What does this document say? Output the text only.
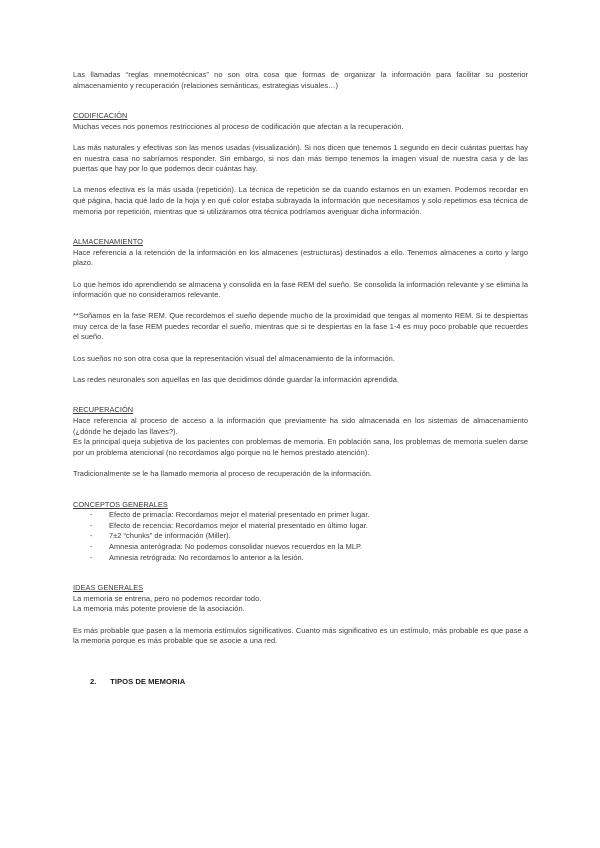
Las llamadas “reglas mnemotécnicas” no son otra cosa que formas de organizar la información para facilitar su posterior almacenamiento y recuperación (relaciones semánticas, estrategias visuales…)

CODIFICACIÓN

Muchas veces nos ponemos restricciones al proceso de codificación que afectan a la recuperación.

Las más naturales y efectivas son las menos usadas (visualización). Si nos dicen que tenemos 1 segundo en decir cuántas puertas hay en nuestra casa no sabríamos responder. Sin embargo, si nos dan más tiempo tenemos la imagen visual de nuestra casa y de las puertas que hay por lo que podemos decir cuántas hay.

La menos efectiva es la más usada (repetición). La técnica de repetición se da cuando estamos en un examen. Podemos recordar en qué página, hacia qué lado de la hoja y en qué color estaba subrayada la información que necesitamos y solo repetimos esa técnica de memoria por repetición, mientras que si utilizáramos otra técnica podríamos averiguar dicha información.

ALMACENAMIENTO

Hace referencia a la retención de la información en los almacenes (estructuras) destinados a ello. Tenemos almacenes a corto y largo plazo.

Lo que hemos ido aprendiendo se almacena y consolida en la fase REM del sueño. Se consolida la información relevante y se elimina la información que no consideramos relevante.

**Soñamos en la fase REM. Que recordemos el sueño depende mucho de la proximidad que tengas al momento REM. Si te despiertas muy cerca de la fase REM puedes recordar el sueño, mientras que si te despiertas en la fase 1-4 es muy poco probable que recuerdes el sueño.

Los sueños no son otra cosa que la representación visual del almacenamiento de la información.

Las redes neuronales son aquellas en las que decidimos dónde guardar la información aprendida.

RECUPERACIÓN

Hace referencia al proceso de acceso a la información que previamente ha sido almacenada en los sistemas de almacenamiento (¿dónde he dejado las llaves?).

Es la principal queja subjetiva de los pacientes con problemas de memoria. En población sana, los problemas de memoria suelen darse por un problema atencional (no recordamos algo porque no le hemos prestado atención).

Tradicionalmente se le ha llamado memoria al proceso de recuperación de la información.

CONCEPTOS GENERALES
- Efecto de primacía: Recordamos mejor el material presentado en primer lugar.
- Efecto de recencia: Recordamos mejor el material presentado en último lugar.
- 7±2 “chunks” de información (Miller).
- Amnesia anterógrada: No podemos consolidar nuevos recuerdos en la MLP.
- Amnesia retrógrada: No recordamos lo anterior a la lesión.
IDEAS GENERALES

La memoria se entrena, pero no podemos recordar todo.

La memoria más potente proviene de la asociación.

Es más probable que pasen a la memoria estímulos significativos. Cuanto más significativo es un estímulo, más probable es que pase a la memoria porque es más probable que se asocie a una red.

2. TIPOS DE MEMORIA
